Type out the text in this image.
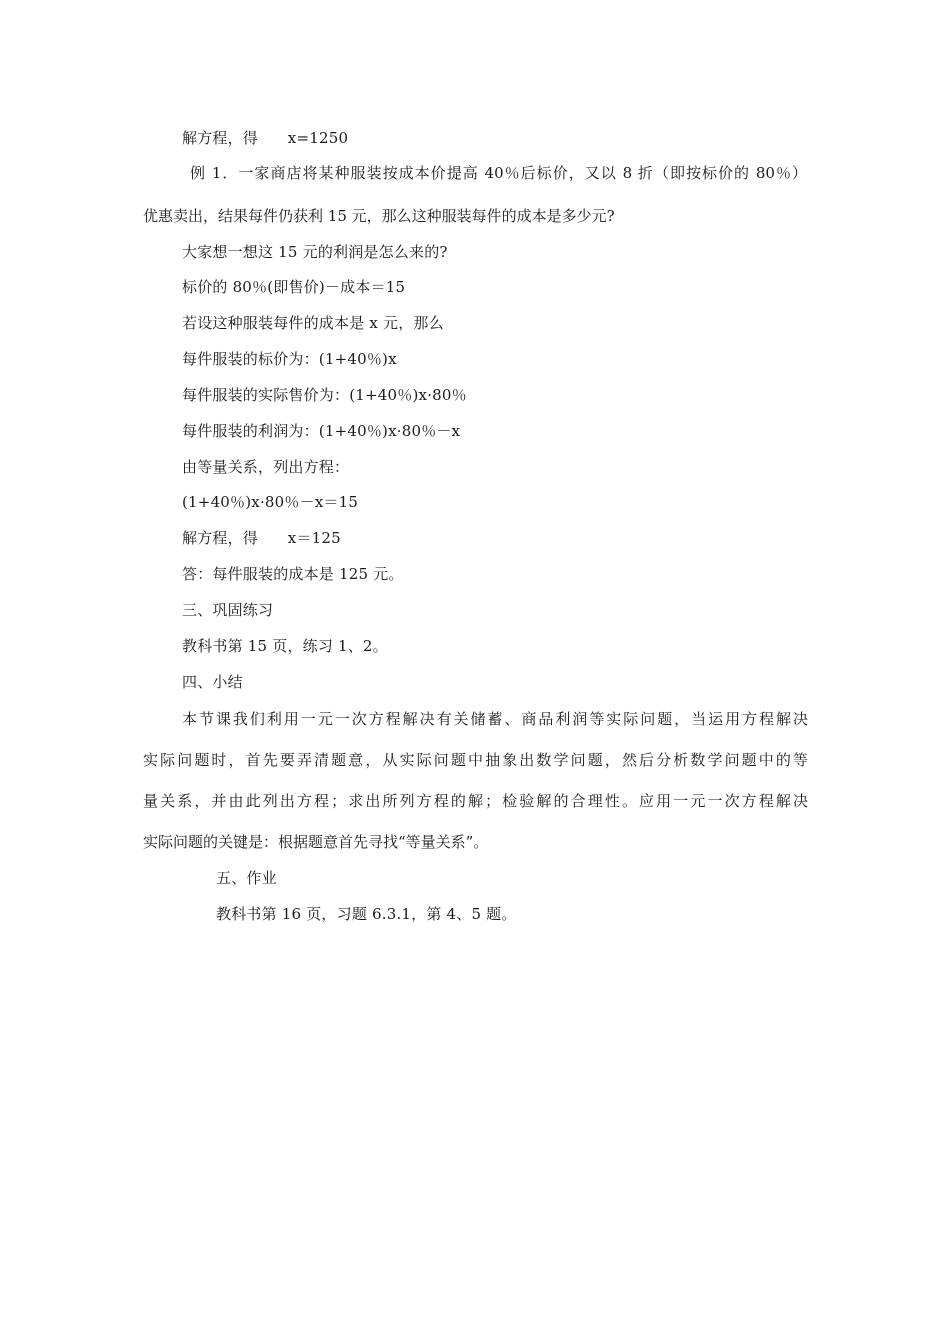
解方程，得      x=1250
例 1．一家商店将某种服装按成本价提高 40％后标价，又以 8 折（即按标价的 80％）
优惠卖出，结果每件仍获利 15 元，那么这种服装每件的成本是多少元?
大家想一想这 15 元的利润是怎么来的?
标价的 80％(即售价)－成本＝15
若设这种服装每件的成本是 x 元，那么
每件服装的标价为：(1+40％)x
每件服装的实际售价为：(1+40％)x·80％
每件服装的利润为：(1+40％)x·80％－x
由等量关系，列出方程：
(1+40％)x·80％－x＝15
解方程，得      x＝125
答：每件服装的成本是 125 元。
三、巩固练习
教科书第 15 页，练习 1、2。
四、小结
本节课我们利用一元一次方程解决有关储蓄、商品利润等实际问题，当运用方程解决
实际问题时，首先要弄清题意，从实际问题中抽象出数学问题，然后分析数学问题中的等
量关系，并由此列出方程；求出所列方程的解；检验解的合理性。应用一元一次方程解决
实际问题的关键是：根据题意首先寻找“等量关系”。
五、作业
教科书第 16 页，习题 6.3.1，第 4、5 题。
